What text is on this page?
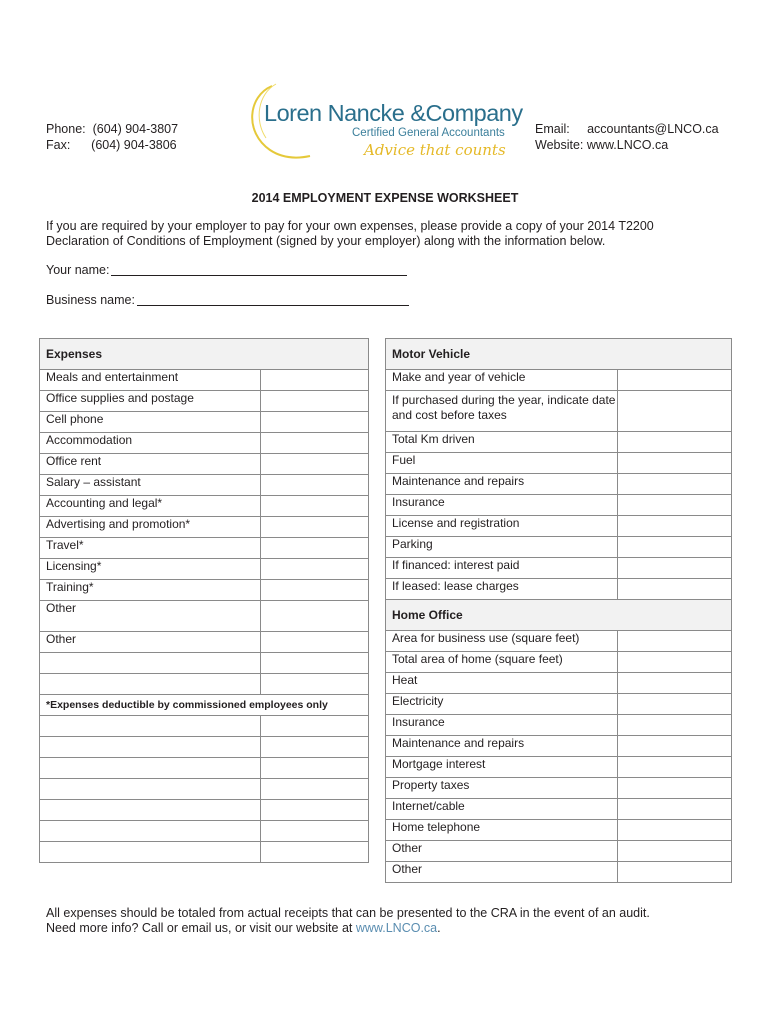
Phone: (604) 904-3807
Fax: (604) 904-3806
Loren Nancke &Company
Certified General Accountants
Advice that counts
Email: accountants@LNCO.ca
Website: www.LNCO.ca
2014 EMPLOYMENT EXPENSE WORKSHEET
If you are required by your employer to pay for your own expenses, please provide a copy of your 2014 T2200
Declaration of Conditions of Employment (signed by your employer) along with the information below.
Your name:
Business name:
Expenses	
Meals and entertainment	
Office supplies and postage	
Cell phone	
Accommodation	
Office rent	
Salary – assistant	
Accounting and legal*	
Advertising and promotion*	
Travel*	
Licensing*	
Training*	
Other	
Other	

*Expenses deductible by commissioned employees only	

Motor Vehicle	
Make and year of vehicle	
If purchased during the year, indicate date and cost before taxes	
Total Km driven	
Fuel	
Maintenance and repairs	
Insurance	
License and registration	
Parking	
If financed: interest paid	
If leased: lease charges	
Home Office	
Area for business use (square feet)	
Total area of home (square feet)	
Heat	
Electricity	
Insurance	
Maintenance and repairs	
Mortgage interest	
Property taxes	
Internet/cable	
Home telephone	
Other	
Other	
All expenses should be totaled from actual receipts that can be presented to the CRA in the event of an audit.
Need more info? Call or email us, or visit our website at www.LNCO.ca.
